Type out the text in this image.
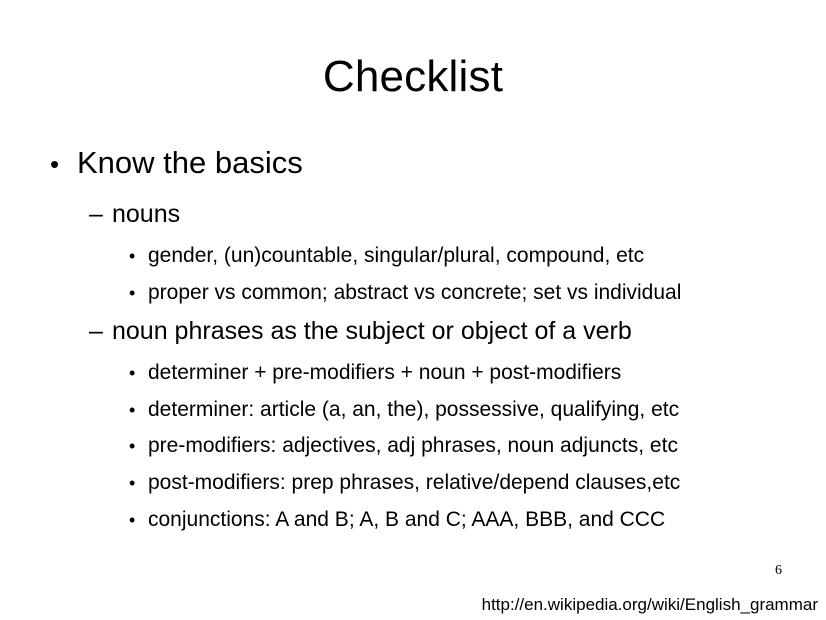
Checklist
• Know the basics
– nouns
• gender, (un)countable, singular/plural, compound, etc
• proper vs common; abstract vs concrete; set vs individual
– noun phrases as the subject or object of a verb
• determiner + pre-modifiers + noun + post-modifiers
• determiner: article (a, an, the), possessive, qualifying, etc
• pre-modifiers: adjectives, adj phrases, noun adjuncts, etc
• post-modifiers: prep phrases, relative/depend clauses,etc
• conjunctions: A and B; A, B and C; AAA, BBB, and CCC
6
http://en.wikipedia.org/wiki/English_grammar
